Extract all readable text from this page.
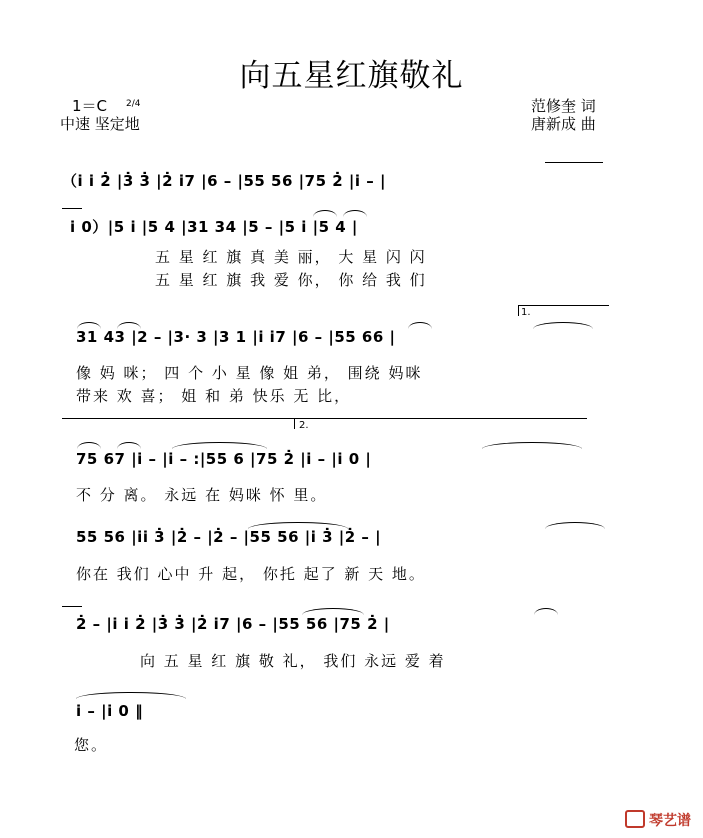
向五星红旗敬礼
1＝C 2/4
中速 坚定地
范修奎 词
唐新成 曲
（i i 2̇ |3̇ 3̇ |2̇ i7 |6 – |55 56 |75 2̇ |i – |
i 0）|5 i |5 4 |31 34 |5 – |5 i |5 4 |
五 星 红 旗 真 美 丽， 大 星 闪 闪
五 星 红 旗 我 爱 你， 你 给 我 们
1.
31 43 |2 – |3· 3 |3 1 |i i7 |6 – |55 66 |
像 妈 咪； 四 个 小 星 像 姐 弟， 围绕 妈咪
带来 欢 喜； 姐 和 弟 快乐 无 比，
2.
75 67 |i – |i – :|55 6 |75 2̇ |i – |i 0 |
不 分 离。 永远 在 妈咪 怀 里。
55 56 |ii 3̇ |2̇ – |2̇ – |55 56 |i 3̇ |2̇ – |
你在 我们 心中 升 起， 你托 起了 新 天 地。
2̇ – |i i 2̇ |3̇ 3̇ |2̇ i7 |6 – |55 56 |75 2̇ |
向 五 星 红 旗 敬 礼， 我们 永远 爱 着
i – |i 0 ‖
您。
琴艺谱
